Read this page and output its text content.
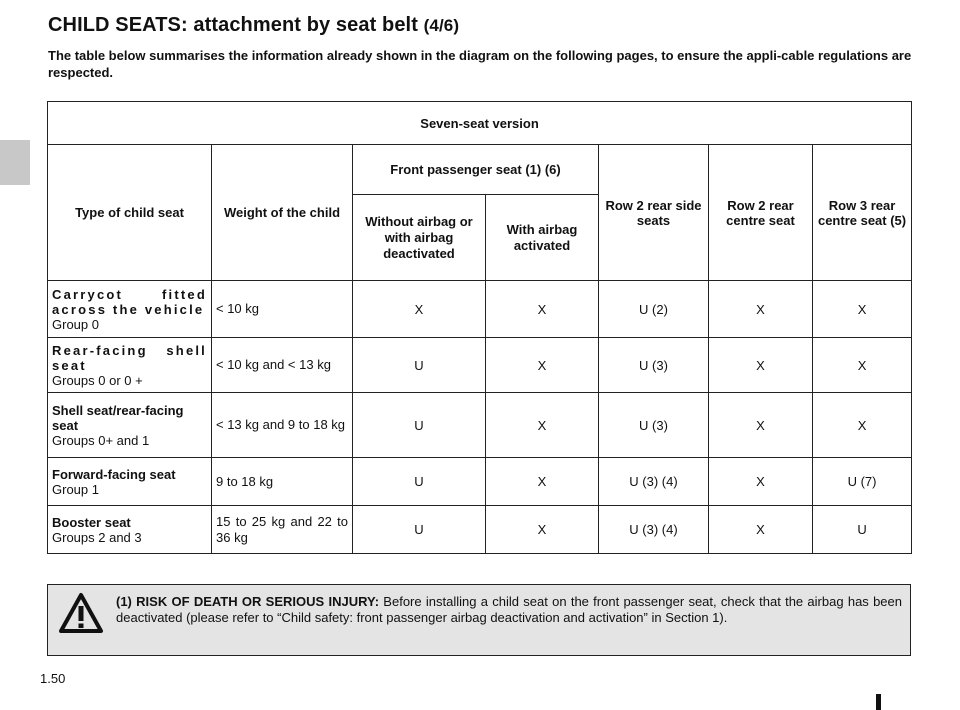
CHILD SEATS: attachment by seat belt (4/6)

The table below summarises the information already shown in the diagram on the following pages, to ensure the appli-cable regulations are respected.

Seven-seat version						
Type of child seat	Weight of the child	Front passenger seat (1) (6)		Row 2 rear side seats	Row 2 rear centre seat	Row 3 rear centre seat (5)
		Without airbag or with airbag deactivated	With airbag activated			

Carrycot fitted across the vehicle
Group 0	< 10 kg	X	X	U (2)	X	X

Rear-facing shell seat
Groups 0 or 0 +	< 10 kg and < 13 kg	U	X	U (3)	X	X

Shell seat/rear-facing seat
Groups 0+ and 1	< 13 kg and 9 to 18 kg	U	X	U (3)	X	X

Forward-facing seat
Group 1	9 to 18 kg	U	X	U (3) (4)	X	U (7)

Booster seat
Groups 2 and 3	15 to 25 kg and 22 to 36 kg	U	X	U (3) (4)	X	U

(1) RISK OF DEATH OR SERIOUS INJURY: Before installing a child seat on the front passenger seat, check that the airbag has been deactivated (please refer to “Child safety: front passenger airbag deactivation and activation” in Section 1).

1.50
